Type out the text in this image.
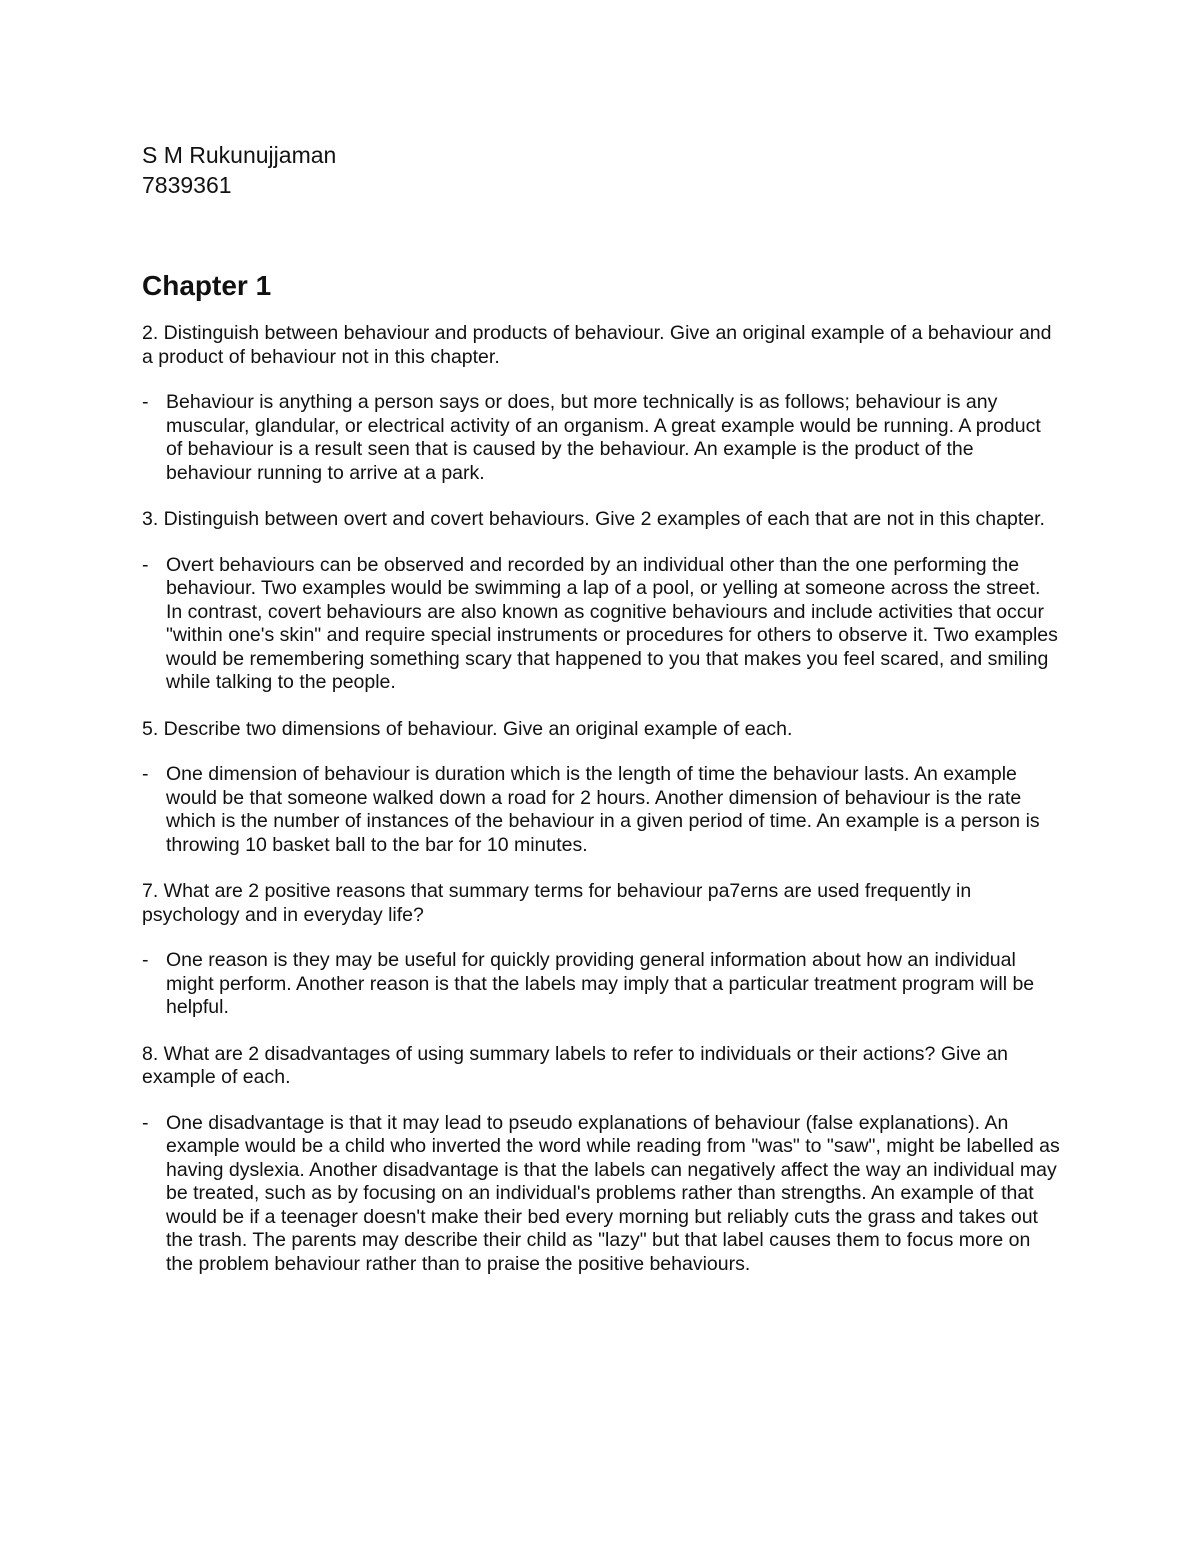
S M Rukunujjaman

7839361

Chapter 1

2. Distinguish between behaviour and products of behaviour. Give an original example of a behaviour and a product of behaviour not in this chapter.

- Behaviour is anything a person says or does, but more technically is as follows; behaviour is any muscular, glandular, or electrical activity of an organism. A great example would be running. A product of behaviour is a result seen that is caused by the behaviour. An example is the product of the behaviour running to arrive at a park.

3. Distinguish between overt and covert behaviours. Give 2 examples of each that are not in this chapter.

- Overt behaviours can be observed and recorded by an individual other than the one performing the behaviour. Two examples would be swimming a lap of a pool, or yelling at someone across the street. In contrast, covert behaviours are also known as cognitive behaviours and include activities that occur "within one's skin" and require special instruments or procedures for others to observe it. Two examples would be remembering something scary that happened to you that makes you feel scared, and smiling while talking to the people.

5. Describe two dimensions of behaviour. Give an original example of each.

- One dimension of behaviour is duration which is the length of time the behaviour lasts. An example would be that someone walked down a road for 2 hours. Another dimension of behaviour is the rate which is the number of instances of the behaviour in a given period of time. An example is a person is throwing 10 basket ball to the bar for 10 minutes.

7. What are 2 positive reasons that summary terms for behaviour pa7erns are used frequently in psychology and in everyday life?

- One reason is they may be useful for quickly providing general information about how an individual might perform. Another reason is that the labels may imply that a particular treatment program will be helpful.

8. What are 2 disadvantages of using summary labels to refer to individuals or their actions? Give an example of each.

- One disadvantage is that it may lead to pseudo explanations of behaviour (false explanations). An example would be a child who inverted the word while reading from "was" to "saw", might be labelled as having dyslexia. Another disadvantage is that the labels can negatively affect the way an individual may be treated, such as by focusing on an individual's problems rather than strengths. An example of that would be if a teenager doesn't make their bed every morning but reliably cuts the grass and takes out the trash. The parents may describe their child as "lazy" but that label causes them to focus more on the problem behaviour rather than to praise the positive behaviours.
